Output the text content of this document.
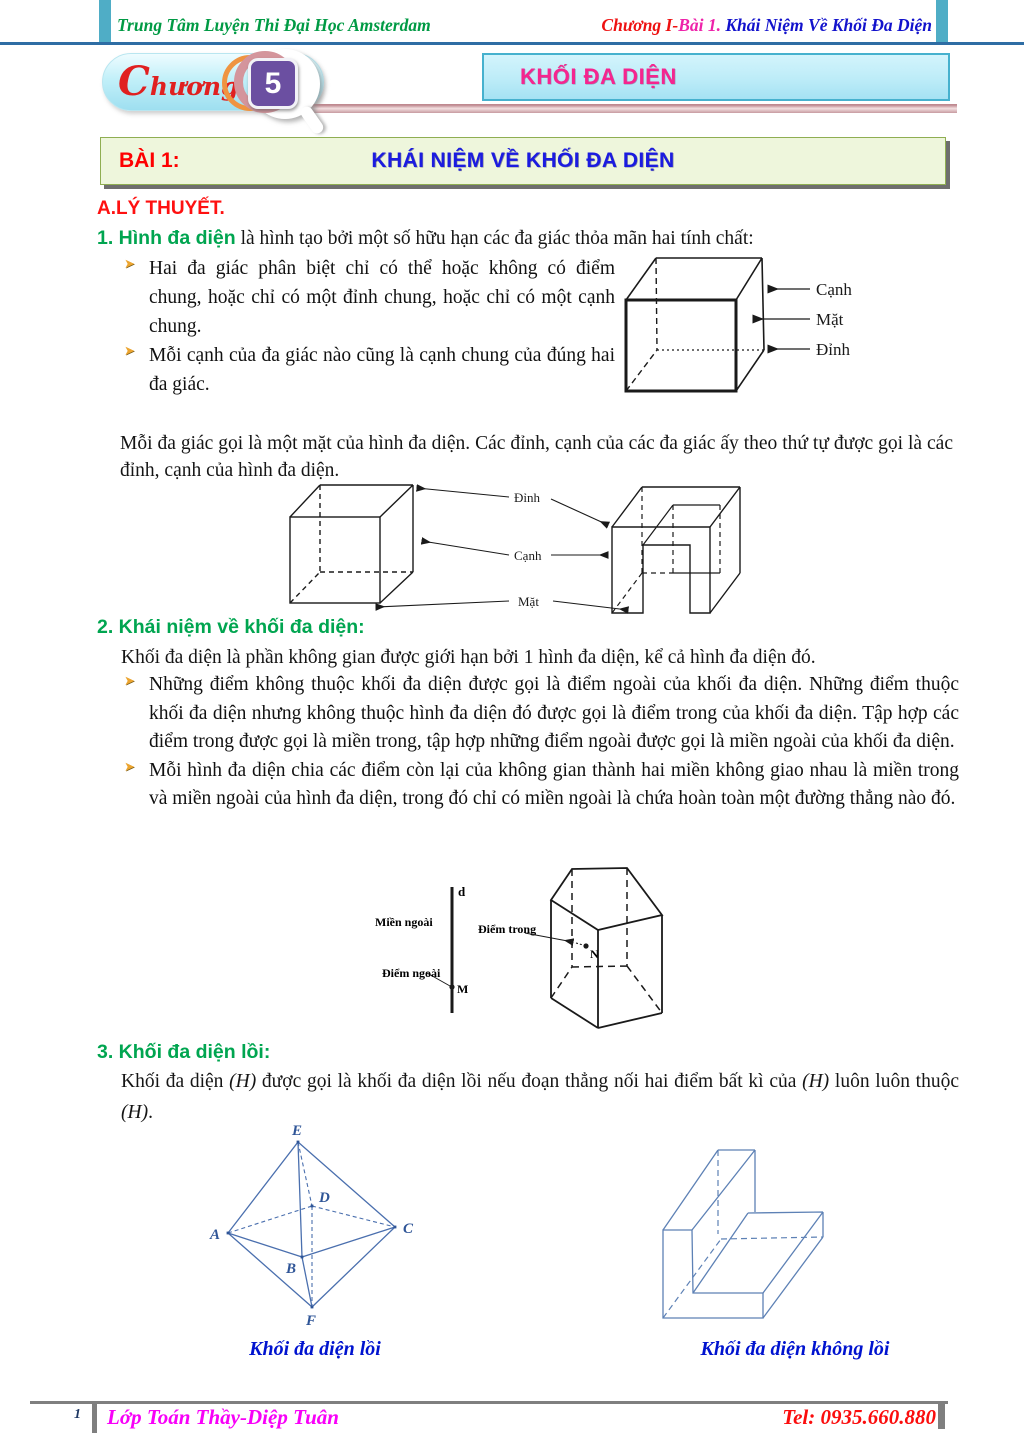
Trung Tâm Luyện Thi Đại Học Amsterdam	Chương I-Bài 1. Khái Niệm Về Khối Đa Diện
Chương 5	KHỐI ĐA DIỆN
BÀI 1:	KHÁI NIỆM VỀ KHỐI ĐA DIỆN
A.LÝ THUYẾT.
1. Hình đa diện là hình tạo bởi một số hữu hạn các đa giác thỏa mãn hai tính chất:
➤ Hai đa giác phân biệt chỉ có thể hoặc không có điểm chung, hoặc chỉ có một đỉnh chung, hoặc chỉ có một cạnh chung.
➤ Mỗi cạnh của đa giác nào cũng là cạnh chung của đúng hai đa giác.
Cạnh
Mặt
Đỉnh
Mỗi đa giác gọi là một mặt của hình đa diện. Các đỉnh, cạnh của các đa giác ấy theo thứ tự được gọi là các đỉnh, cạnh của hình đa diện.
Đỉnh
Cạnh
Mặt
2. Khái niệm về khối đa diện:
Khối đa diện là phần không gian được giới hạn bởi 1 hình đa diện, kể cả hình đa diện đó.
➤ Những điểm không thuộc khối đa diện được gọi là điểm ngoài của khối đa diện. Những điểm thuộc khối đa diện nhưng không thuộc hình đa diện đó được gọi là điểm trong của khối đa diện. Tập hợp các điểm trong được gọi là miền trong, tập hợp những điểm ngoài được gọi là miền ngoài của khối đa diện.
➤ Mỗi hình đa diện chia các điểm còn lại của không gian thành hai miền không giao nhau là miền trong và miền ngoài của hình đa diện, trong đó chỉ có miền ngoài là chứa hoàn toàn một đường thẳng nào đó.
d
Miền ngoài
Điểm ngoài
Điểm trong
M
N
3. Khối đa diện lồi:
Khối đa diện (H) được gọi là khối đa diện lồi nếu đoạn thẳng nối hai điểm bất kì của (H) luôn luôn thuộc (H).
E
A
D
C
B
F
Khối đa diện lồi	Khối đa diện không lồi
1 Lớp Toán Thầy-Diệp Tuân	Tel: 0935.660.880
